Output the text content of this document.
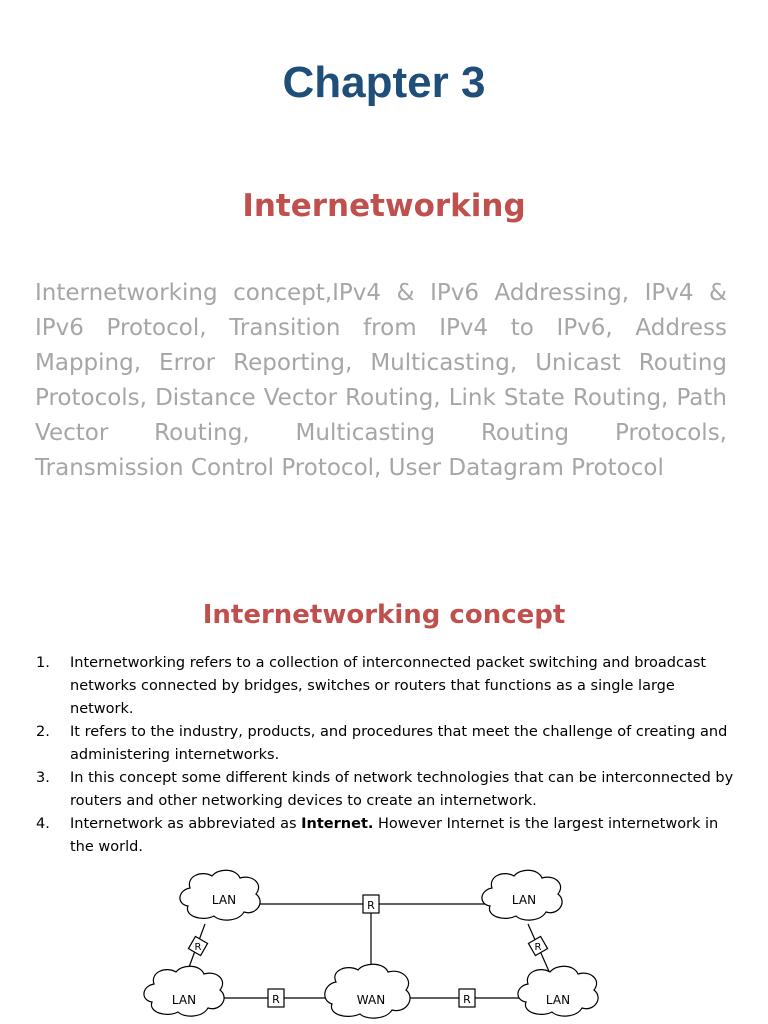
Chapter 3
Internetworking

Internetworking concept,IPv4 & IPv6 Addressing, IPv4 & IPv6 Protocol, Transition from IPv4 to IPv6, Address Mapping, Error Reporting, Multicasting, Unicast Routing Protocols, Distance Vector Routing, Link State Routing, Path Vector Routing, Multicasting Routing Protocols, Transmission Control Protocol, User Datagram Protocol

Internetworking concept
1.	Internetworking refers to a collection of interconnected packet switching and broadcast networks connected by bridges, switches or routers that functions as a single large network.
2.	It refers to the industry, products, and procedures that meet the challenge of creating and administering internetworks.
3.	In this concept some different kinds of network technologies that can be interconnected by routers and other networking devices to create an internetwork.
4.	Internetwork as abbreviated as Internet. However Internet is the largest internetwork in the world.
LAN	LAN
LAN	LAN
WAN
R
R	R
R	R
